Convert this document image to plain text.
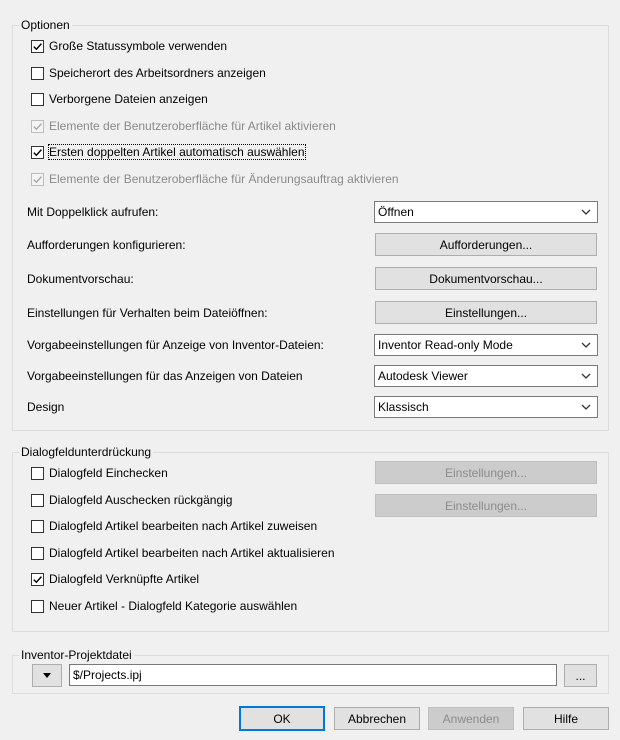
Optionen
Große Statussymbole verwenden
Speicherort des Arbeitsordners anzeigen
Verborgene Dateien anzeigen
Elemente der Benutzeroberfläche für Artikel aktivieren
Ersten doppelten Artikel automatisch auswählen
Elemente der Benutzeroberfläche für Änderungsauftrag aktivieren
Mit Doppelklick aufrufen:	Öffnen
Aufforderungen konfigurieren:	Aufforderungen...
Dokumentvorschau:	Dokumentvorschau...
Einstellungen für Verhalten beim Dateiöffnen:	Einstellungen...
Vorgabeeinstellungen für Anzeige von Inventor-Dateien:	Inventor Read-only Mode
Vorgabeeinstellungen für das Anzeigen von Dateien	Autodesk Viewer
Design	Klassisch
Dialogfeldunterdrückung
Dialogfeld Einchecken	Einstellungen...
Dialogfeld Auschecken rückgängig	Einstellungen...
Dialogfeld Artikel bearbeiten nach Artikel zuweisen
Dialogfeld Artikel bearbeiten nach Artikel aktualisieren
Dialogfeld Verknüpfte Artikel
Neuer Artikel - Dialogfeld Kategorie auswählen
Inventor-Projektdatei
$/Projects.ipj	...
OK	Abbrechen	Anwenden	Hilfe
